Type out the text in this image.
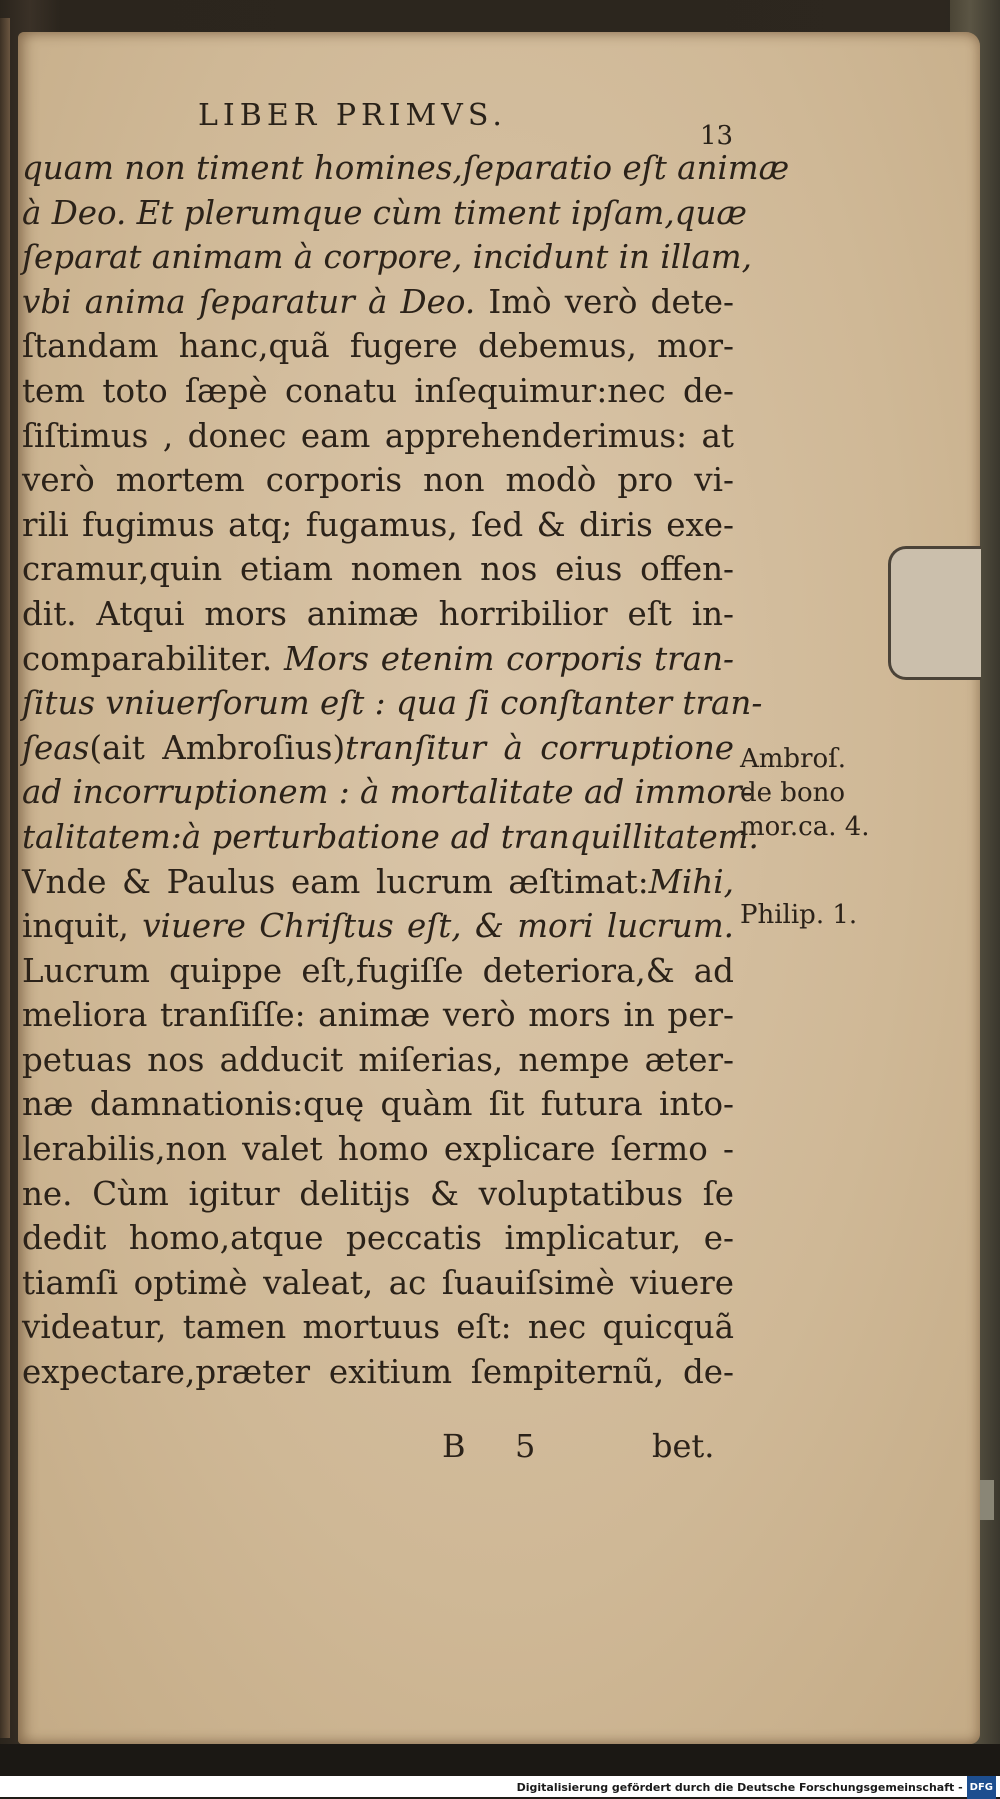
LIBER PRIMVS.
13
quam non timent homines,ſeparatio eſt animæ
à Deo. Et plerumque cùm timent ipſam,quæ
ſeparat animam à corpore, incidunt in illam,
vbi anima ſeparatur à Deo. Imò verò dete-
ſtandam hanc,quã fugere debemus, mor-
tem toto ſæpè conatu inſequimur:nec de-
ſiſtimus , donec eam apprehenderimus: at
verò mortem corporis non modò pro vi-
rili fugimus atq; fugamus, ſed & diris exe-
cramur,quin etiam nomen nos eius offen-
dit. Atqui mors animæ horribilior eſt in-
comparabiliter. Mors etenim corporis tran-
ſitus vniuerſorum eſt : qua ſi conſtanter tran-
ſeas(ait Ambroſius)tranſitur à corruptione
ad incorruptionem : à mortalitate ad immor-
talitatem:à perturbatione ad tranquillitatem.
Vnde & Paulus eam lucrum æſtimat:Mihi,
inquit, viuere Chriſtus eſt, & mori lucrum.
Lucrum quippe eſt,fugiſſe deteriora,& ad
meliora tranſiſſe: animæ verò mors in per-
petuas nos adducit miſerias, nempe æter-
næ damnationis:quę quàm ſit futura into-
lerabilis,non valet homo explicare ſermo -
ne. Cùm igitur delitijs & voluptatibus ſe
dedit homo,atque peccatis implicatur, e-
tiamſi optimè valeat, ac ſuauiſsimè viuere
videatur, tamen mortuus eſt: nec quicquã
expectare,præter exitium ſempiternũ, de-
Ambroſ.
de bono
mor.ca. 4.
Philip. 1.
B 5	bet.
Digitalisierung gefördert durch die Deutsche Forschungsgemeinschaft - DFG
